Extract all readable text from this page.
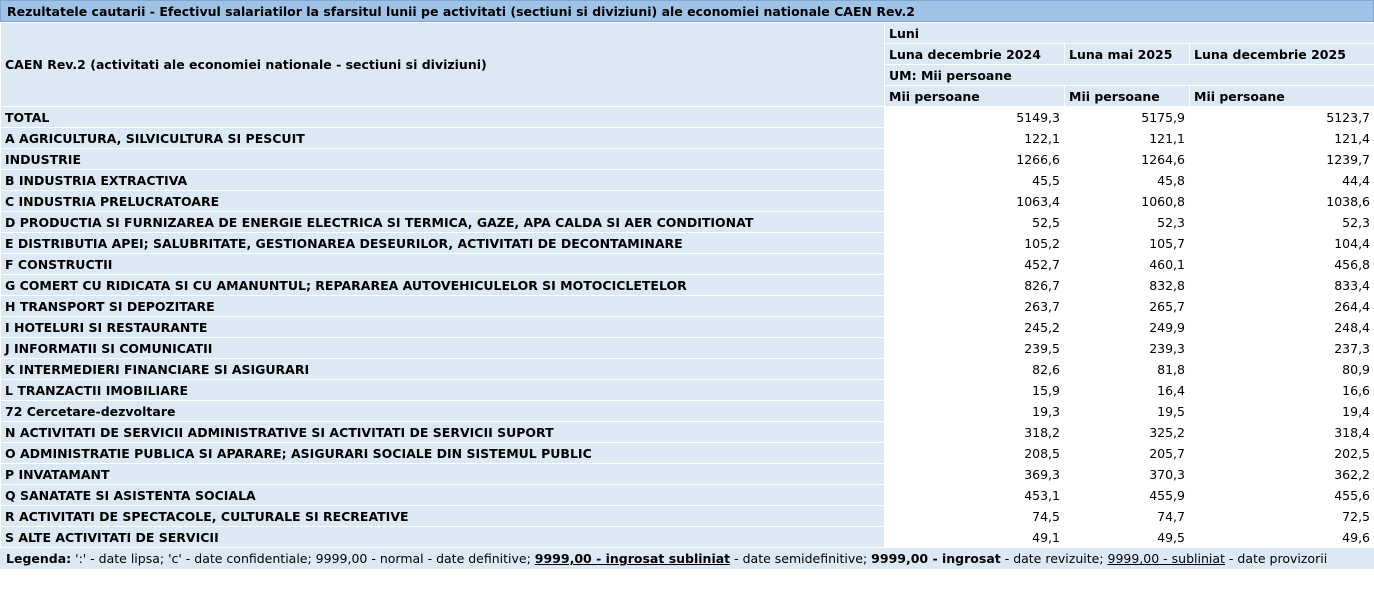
Rezultatele cautarii - Efectivul salariatilor la sfarsitul lunii pe activitati (sectiuni si diviziuni) ale economiei nationale CAEN Rev.2
CAEN Rev.2 (activitati ale economiei nationale - sectiuni si diviziuni)	Luni		
	Luna decembrie 2024	Luna mai 2025	Luna decembrie 2025
	UM: Mii persoane		
	Mii persoane	Mii persoane	Mii persoane
TOTAL	5149,3	5175,9	5123,7
A AGRICULTURA, SILVICULTURA SI PESCUIT	122,1	121,1	121,4
INDUSTRIE	1266,6	1264,6	1239,7
B INDUSTRIA EXTRACTIVA	45,5	45,8	44,4
C INDUSTRIA PRELUCRATOARE	1063,4	1060,8	1038,6
D PRODUCTIA SI FURNIZAREA DE ENERGIE ELECTRICA SI TERMICA, GAZE, APA CALDA SI AER CONDITIONAT	52,5	52,3	52,3
E DISTRIBUTIA APEI; SALUBRITATE, GESTIONAREA DESEURILOR, ACTIVITATI DE DECONTAMINARE	105,2	105,7	104,4
F CONSTRUCTII	452,7	460,1	456,8
G COMERT CU RIDICATA SI CU AMANUNTUL; REPARAREA AUTOVEHICULELOR SI MOTOCICLETELOR	826,7	832,8	833,4
H TRANSPORT SI DEPOZITARE	263,7	265,7	264,4
I HOTELURI SI RESTAURANTE	245,2	249,9	248,4
J INFORMATII SI COMUNICATII	239,5	239,3	237,3
K INTERMEDIERI FINANCIARE SI ASIGURARI	82,6	81,8	80,9
L TRANZACTII IMOBILIARE	15,9	16,4	16,6
72 Cercetare-dezvoltare	19,3	19,5	19,4
N ACTIVITATI DE SERVICII ADMINISTRATIVE SI ACTIVITATI DE SERVICII SUPORT	318,2	325,2	318,4
O ADMINISTRATIE PUBLICA SI APARARE; ASIGURARI SOCIALE DIN SISTEMUL PUBLIC	208,5	205,7	202,5
P INVATAMANT	369,3	370,3	362,2
Q SANATATE SI ASISTENTA SOCIALA	453,1	455,9	455,6
R ACTIVITATI DE SPECTACOLE, CULTURALE SI RECREATIVE	74,5	74,7	72,5
S ALTE ACTIVITATI DE SERVICII	49,1	49,5	49,6
Legenda: ':' - date lipsa; 'c' - date confidentiale; 9999,00 - normal - date definitive; 9999,00 - ingrosat subliniat - date semidefinitive; 9999,00 - ingrosat - date revizuite; 9999,00 - subliniat - date provizorii
